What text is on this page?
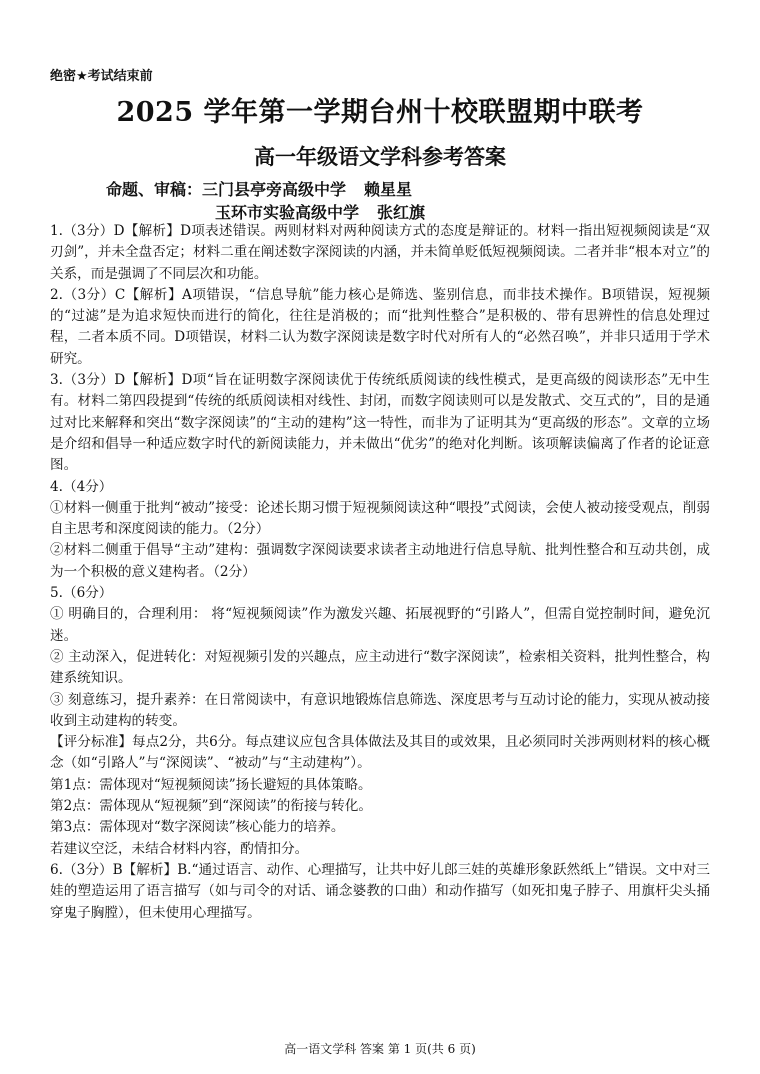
绝密★考试结束前
2025 学年第一学期台州十校联盟期中联考
高一年级语文学科参考答案
命题、审稿：三门县亭旁高级中学 赖星星
玉环市实验高级中学 张红旗

1.（3分）D【解析】D项表述错误。两则材料对两种阅读方式的态度是辩证的。材料一指出短视频阅读是“双刃剑”，并未全盘否定；材料二重在阐述数字深阅读的内涵，并未简单贬低短视频阅读。二者并非“根本对立”的关系，而是强调了不同层次和功能。

2.（3分）C【解析】A项错误，“信息导航”能力核心是筛选、鉴别信息，而非技术操作。B项错误，短视频的“过滤”是为追求短快而进行的简化，往往是消极的；而“批判性整合”是积极的、带有思辨性的信息处理过程，二者本质不同。D项错误，材料二认为数字深阅读是数字时代对所有人的“必然召唤”，并非只适用于学术研究。

3.（3分）D【解析】D项“旨在证明数字深阅读优于传统纸质阅读的线性模式，是更高级的阅读形态”无中生有。材料二第四段提到“传统的纸质阅读相对线性、封闭，而数字阅读则可以是发散式、交互式的”，目的是通过对比来解释和突出“数字深阅读”的“主动的建构”这一特性，而非为了证明其为“更高级的形态”。文章的立场是介绍和倡导一种适应数字时代的新阅读能力，并未做出“优劣”的绝对化判断。该项解读偏离了作者的论证意图。

4.（4分）

①材料一侧重于批判“被动”接受：论述长期习惯于短视频阅读这种“喂投”式阅读，会使人被动接受观点，削弱自主思考和深度阅读的能力。（2分）

②材料二侧重于倡导“主动”建构：强调数字深阅读要求读者主动地进行信息导航、批判性整合和互动共创，成为一个积极的意义建构者。（2分）

5.（6分）

① 明确目的，合理利用： 将“短视频阅读”作为激发兴趣、拓展视野的“引路人”，但需自觉控制时间，避免沉迷。

② 主动深入，促进转化：对短视频引发的兴趣点，应主动进行“数字深阅读”，检索相关资料，批判性整合，构建系统知识。

③ 刻意练习，提升素养：在日常阅读中，有意识地锻炼信息筛选、深度思考与互动讨论的能力，实现从被动接收到主动建构的转变。

【评分标准】每点2分，共6分。每点建议应包含具体做法及其目的或效果，且必须同时关涉两则材料的核心概念（如“引路人”与“深阅读”、“被动”与“主动建构”）。

第1点：需体现对“短视频阅读”扬长避短的具体策略。

第2点：需体现从“短视频”到“深阅读”的衔接与转化。

第3点：需体现对“数字深阅读”核心能力的培养。

若建议空泛，未结合材料内容，酌情扣分。

6.（3分）B【解析】B.“通过语言、动作、心理描写，让共中好儿郎三娃的英雄形象跃然纸上”错误。文中对三娃的塑造运用了语言描写（如与司令的对话、诵念婆教的口曲）和动作描写（如死扣鬼子脖子、用旗杆尖头捅穿鬼子胸膛），但未使用心理描写。

高一语文学科 答案 第 1 页(共 6 页)
